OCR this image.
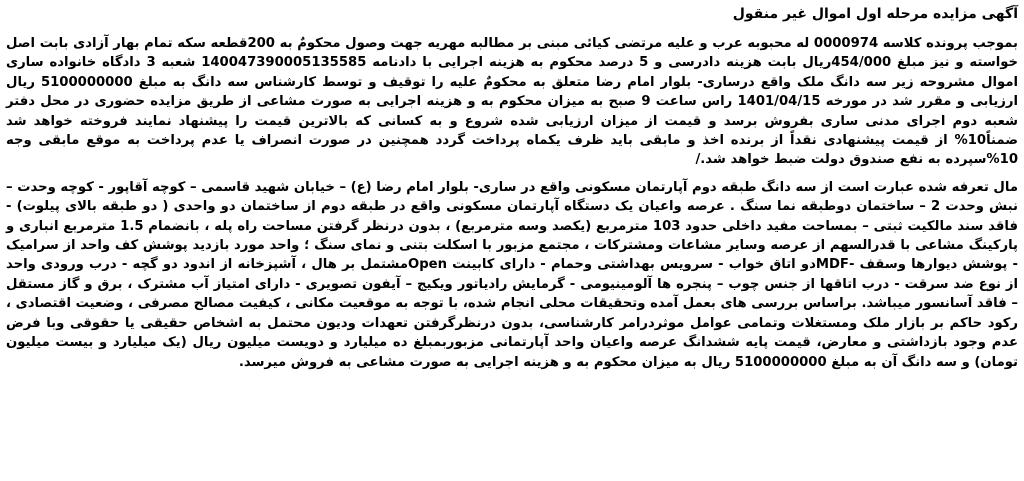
آگهی مزایده مرحله اول اموال غیر منقول

بموجب پرونده کلاسه 0000974 له محبوبه عرب و علیه مرتضی کیائی مبنی بر مطالبه مهریه جهت وصول محکومٌ به 200قطعه سکه تمام بهار آزادی بابت اصل خواسته و نیز مبلغ 454/000ریال بابت هزینه دادرسی و 5 درصد محکوم به هزینه اجرایی با دادنامه 140047390005135585 شعبه 3 دادگاه خانواده ساری اموال مشروحه زیر سه دانگ ملک واقع درساری- بلوار امام رضا متعلق به محکومٌ علیه را توقیف و توسط کارشناس سه دانگ به مبلغ 5100000000 ریال ارزیابی و مقرر شد در مورخه 1401/04/15 راس ساعت 9 صبح به میزان محکوم به و هزینه اجرایی به صورت مشاعی از طریق مزایده حضوری در محل دفتر شعبه دوم اجرای مدنی ساری بفروش برسد و قیمت از میزان ارزیابی شده شروع و به کسانی که بالاترین قیمت را پیشنهاد نمایند فروخته خواهد شد ضمناً10% از قیمت پیشنهادی نقداً از برنده اخذ و مابقی باید ظرف یکماه پرداخت گردد همچنین در صورت انصراف یا عدم پرداخت به موقع مابقی وجه 10%سپرده به نفع صندوق دولت ضبط خواهد شد./

مال تعرفه شده عبارت است از سه دانگ طبقه دوم آپارتمان مسکونی واقع در ساری- بلوار امام رضا (ع) – خیابان شهید قاسمی – کوچه آقاپور - کوچه وحدت – نبش وحدت 2 – ساختمان دوطبقه نما سنگ . عرصه واعیان یک دستگاه آپارتمان مسکونی واقع در طبقه دوم از ساختمان دو واحدی ( دو طبقه بالای پیلوت) - فاقد سند مالکیت ثبتی – بمساحت مفید داخلی حدود 103 مترمربع (یکصد وسه مترمربع) ، بدون درنظر گرفتن مساحت راه پله ، بانضمام 1.5 مترمربع انباری و پارکینگ مشاعی با قدرالسهم از عرصه وسایر مشاعات ومشترکات ، مجتمع مزبور با اسکلت بتنی و نمای سنگ ؛ واحد مورد بازدید پوشش کف واحد از سرامیک - پوشش دیوارها وسقف -MDFدو اتاق خواب - سرویس بهداشتی وحمام - دارای کابینت Openمشتمل بر هال ، آشپزخانه از اندود دو گچه - درب ورودی واحد از نوع ضد سرقت - درب اتاقها از جنس چوب – پنجره ها آلومینیومی - گرمایش رادیاتور ویکیج – آیفون تصویری - دارای امتیاز آب مشترک ، برق و گاز مستقل – فاقد آسانسور میباشد. براساس بررسی های بعمل آمده وتحقیقات محلی انجام شده، با توجه به موقعیت مکانی ، کیفیت مصالح مصرفی ، وضعیت اقتصادی ، رکود حاکم بر بازار ملک ومستغلات وتمامی عوامل موثردرامر کارشناسی، بدون درنظرگرفتن تعهدات ودیون محتمل به اشخاص حقیقی یا حقوقی وبا فرض عدم وجود بازداشتی و معارض، قیمت پایه ششدانگ عرصه واعیان واحد آپارتمانی مزبوربمبلغ ده میلیارد و دویست میلیون ریال (یک میلیارد و بیست میلیون تومان) و سه دانگ آن به مبلغ 5100000000 ریال به میزان محکوم به و هزینه اجرایی به صورت مشاعی به فروش میرسد.
